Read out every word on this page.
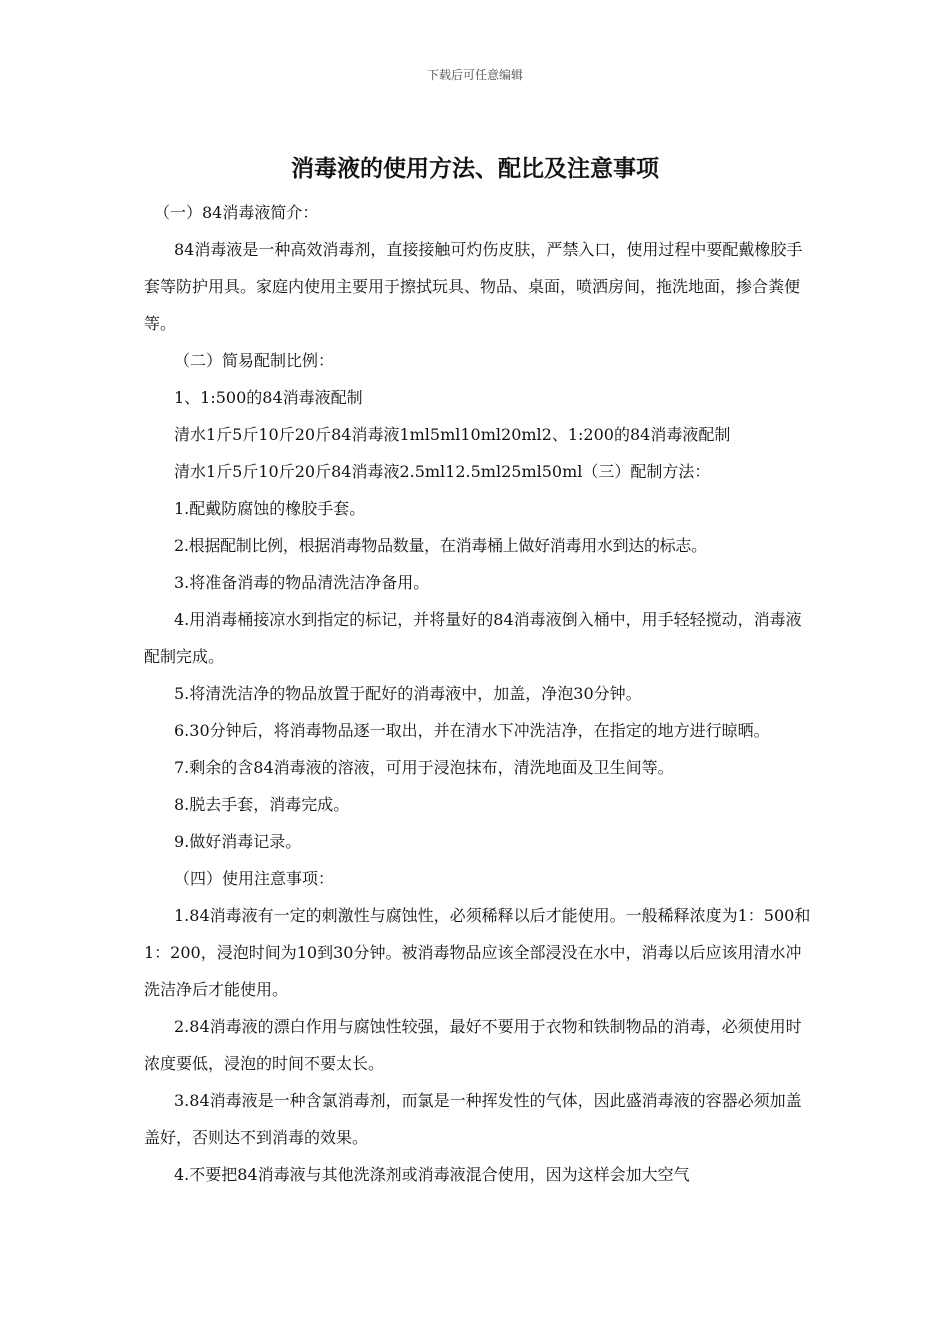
下载后可任意编辑
消毒液的使用方法、配比及注意事项

（一）84消毒液简介：

84消毒液是一种高效消毒剂，直接接触可灼伤皮肤，严禁入口，使用过程中要配戴橡胶手套等防护用具。家庭内使用主要用于擦拭玩具、物品、桌面，喷洒房间，拖洗地面，掺合粪便等。

（二）简易配制比例：

1、1:500的84消毒液配制

清水1斤5斤10斤20斤84消毒液1ml5ml10ml20ml2、1:200的84消毒液配制

清水1斤5斤10斤20斤84消毒液2.5ml12.5ml25ml50ml（三）配制方法：

1.配戴防腐蚀的橡胶手套。

2.根据配制比例，根据消毒物品数量，在消毒桶上做好消毒用水到达的标志。

3.将准备消毒的物品清洗洁净备用。

4.用消毒桶接凉水到指定的标记，并将量好的84消毒液倒入桶中，用手轻轻搅动，消毒液配制完成。

5.将清洗洁净的物品放置于配好的消毒液中，加盖，净泡30分钟。

6.30分钟后，将消毒物品逐一取出，并在清水下冲洗洁净，在指定的地方进行晾晒。

7.剩余的含84消毒液的溶液，可用于浸泡抹布，清洗地面及卫生间等。

8.脱去手套，消毒完成。

9.做好消毒记录。

（四）使用注意事项：

1.84消毒液有一定的刺激性与腐蚀性，必须稀释以后才能使用。一般稀释浓度为1：500和1：200，浸泡时间为10到30分钟。被消毒物品应该全部浸没在水中，消毒以后应该用清水冲洗洁净后才能使用。

2.84消毒液的漂白作用与腐蚀性较强，最好不要用于衣物和铁制物品的消毒，必须使用时浓度要低，浸泡的时间不要太长。

3.84消毒液是一种含氯消毒剂，而氯是一种挥发性的气体，因此盛消毒液的容器必须加盖盖好，否则达不到消毒的效果。

4.不要把84消毒液与其他洗涤剂或消毒液混合使用，因为这样会加大空气
